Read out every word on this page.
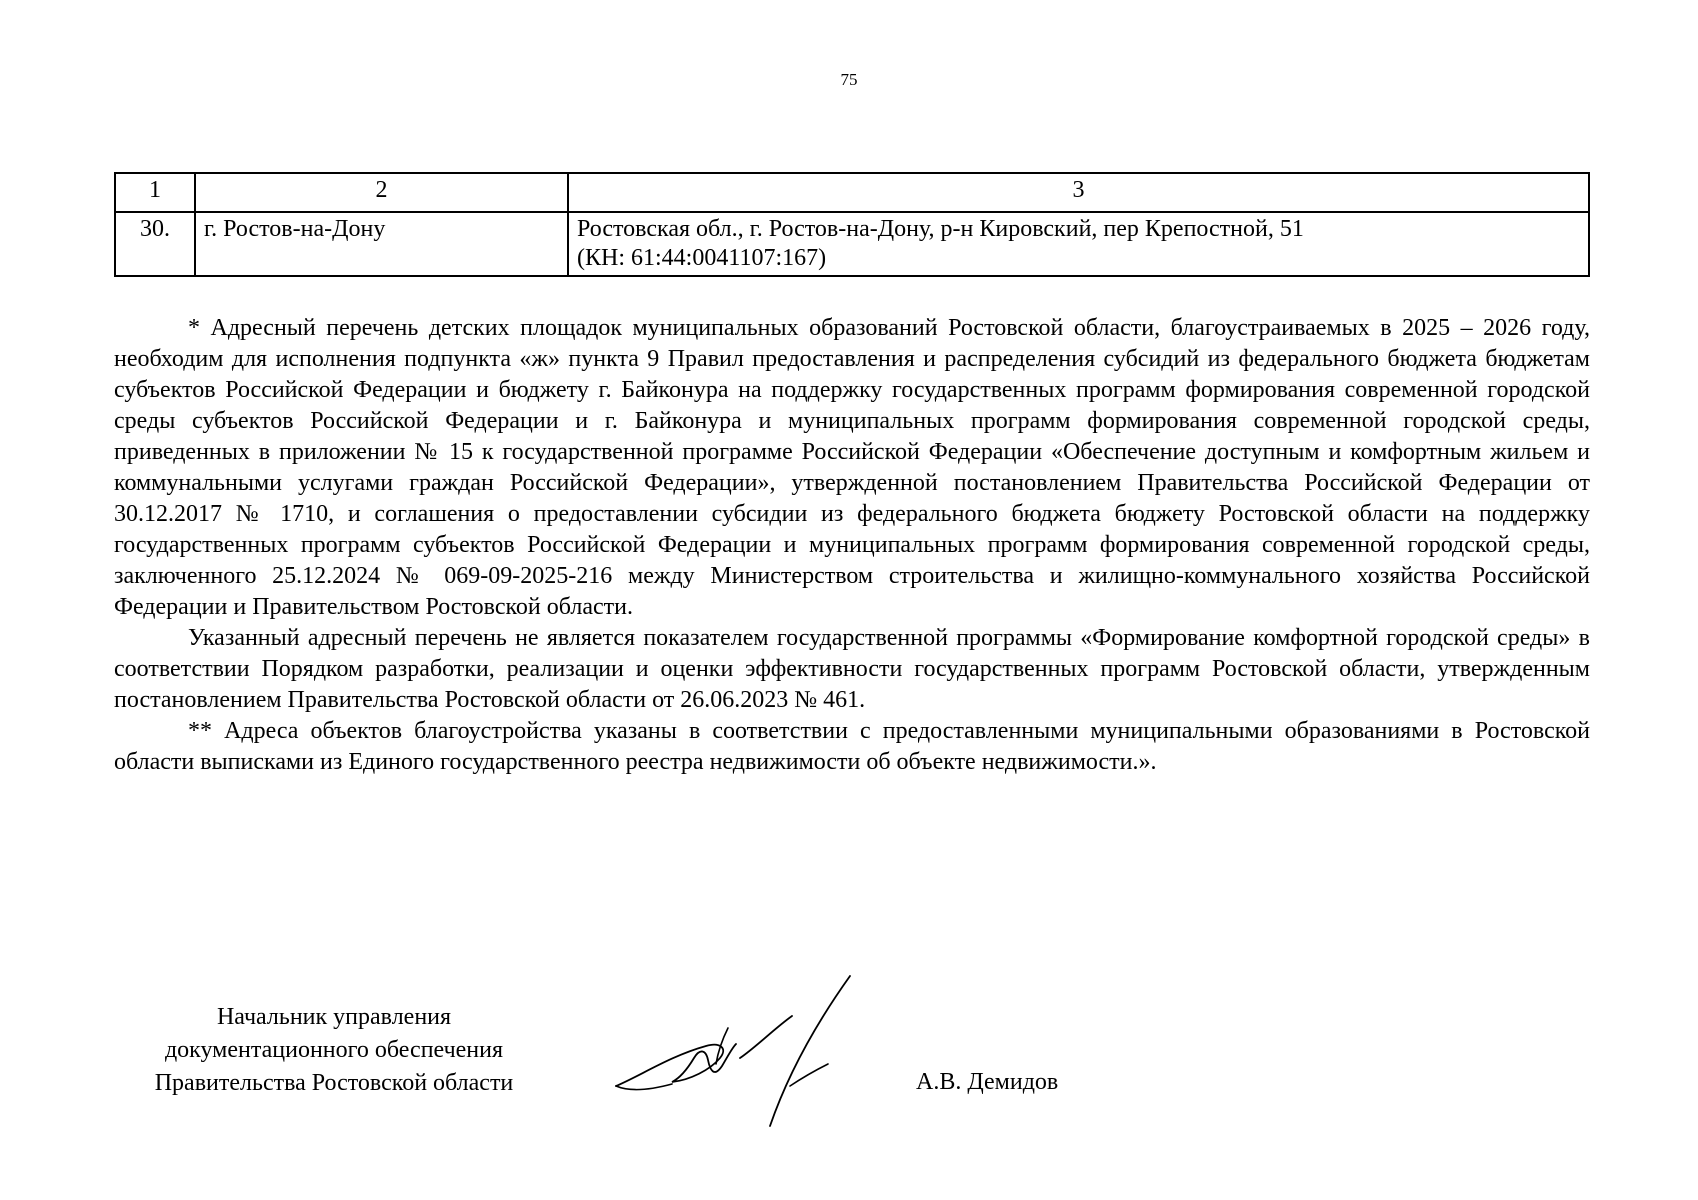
75
1	2	3
30.	г. Ростов-на-Дону	Ростовская обл., г. Ростов-на-Дону, р-н Кировский, пер Крепостной, 51
(КН: 61:44:0041107:167)

* Адресный перечень детских площадок муниципальных образований Ростовской области, благоустраиваемых в 2025 – 2026 году, необходим для исполнения подпункта «ж» пункта 9 Правил предоставления и распределения субсидий из федерального бюджета бюджетам субъектов Российской Федерации и бюджету г. Байконура на поддержку государственных программ формирования современной городской среды субъектов Российской Федерации и г. Байконура и муниципальных программ формирования современной городской среды, приведенных в приложении № 15 к государственной программе Российской Федерации «Обеспечение доступным и комфортным жильем и коммунальными услугами граждан Российской Федерации», утвержденной постановлением Правительства Российской Федерации от 30.12.2017 № 1710, и соглашения о предоставлении субсидии из федерального бюджета бюджету Ростовской области на поддержку государственных программ субъектов Российской Федерации и муниципальных программ формирования современной городской среды, заключенного 25.12.2024 № 069-09-2025-216 между Министерством строительства и жилищно-коммунального хозяйства Российской Федерации и Правительством Ростовской области.

Указанный адресный перечень не является показателем государственной программы «Формирование комфортной городской среды» в соответствии Порядком разработки, реализации и оценки эффективности государственных программ Ростовской области, утвержденным постановлением Правительства Ростовской области от 26.06.2023 № 461.

** Адреса объектов благоустройства указаны в соответствии с предоставленными муниципальными образованиями в Ростовской области выписками из Единого государственного реестра недвижимости об объекте недвижимости.».

Начальник управления
документационного обеспечения
Правительства Ростовской области	А.В. Демидов
